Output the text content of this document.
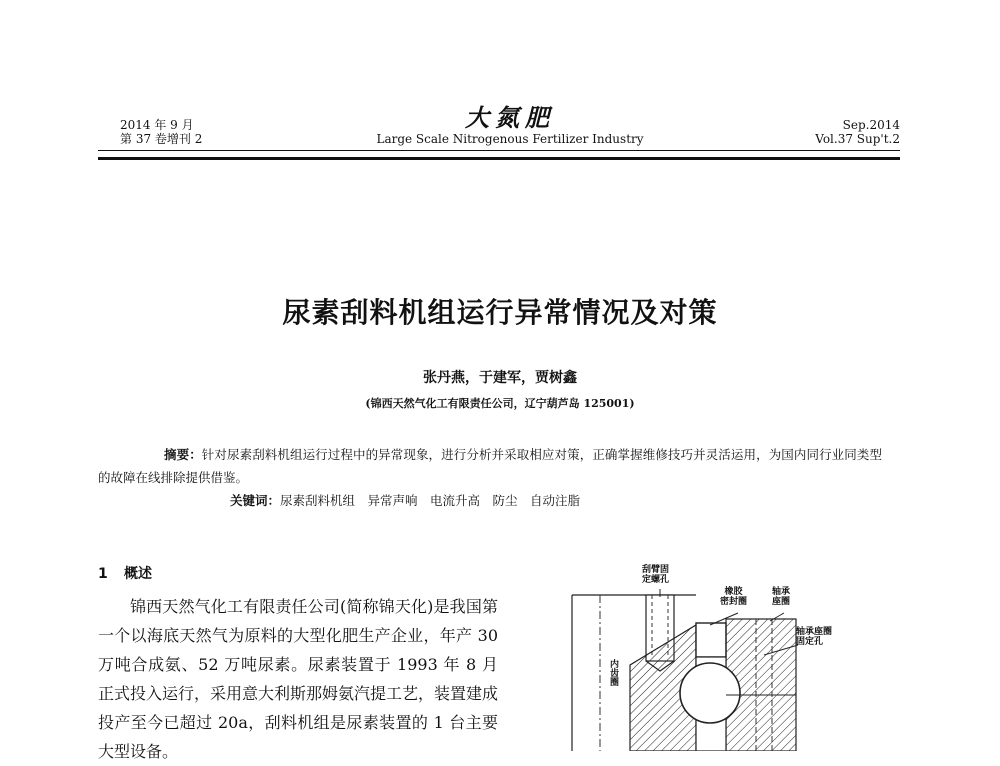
2014 年 9 月
第 37 卷增刊 2
大氮肥
Large Scale Nitrogenous Fertilizer Industry
Sep.2014
Vol.37 Sup't.2
尿素刮料机组运行异常情况及对策
张丹燕，于建军，贾树鑫
(锦西天然气化工有限责任公司，辽宁葫芦岛 125001)

摘要：针对尿素刮料机组运行过程中的异常现象，进行分析并采取相应对策，正确掌握维修技巧并灵活运用，为国内同行业同类型的故障在线排除提供借鉴。

关键词：尿素刮料机组　异常声响　电流升高　防尘　自动注脂

1 概述

锦西天然气化工有限责任公司(简称锦天化)是我国第一个以海底天然气为原料的大型化肥生产企业，年产 30 万吨合成氨、52 万吨尿素。尿素装置于 1993 年 8 月正式投入运行，采用意大利斯那姆氨汽提工艺，装置建成投产至今已超过 20a，刮料机组是尿素装置的 1 台主要大型设备。

刮臂固
定螺孔
橡胶
密封圈
轴承
座圈
轴承座圈
固定孔
内齿圈
